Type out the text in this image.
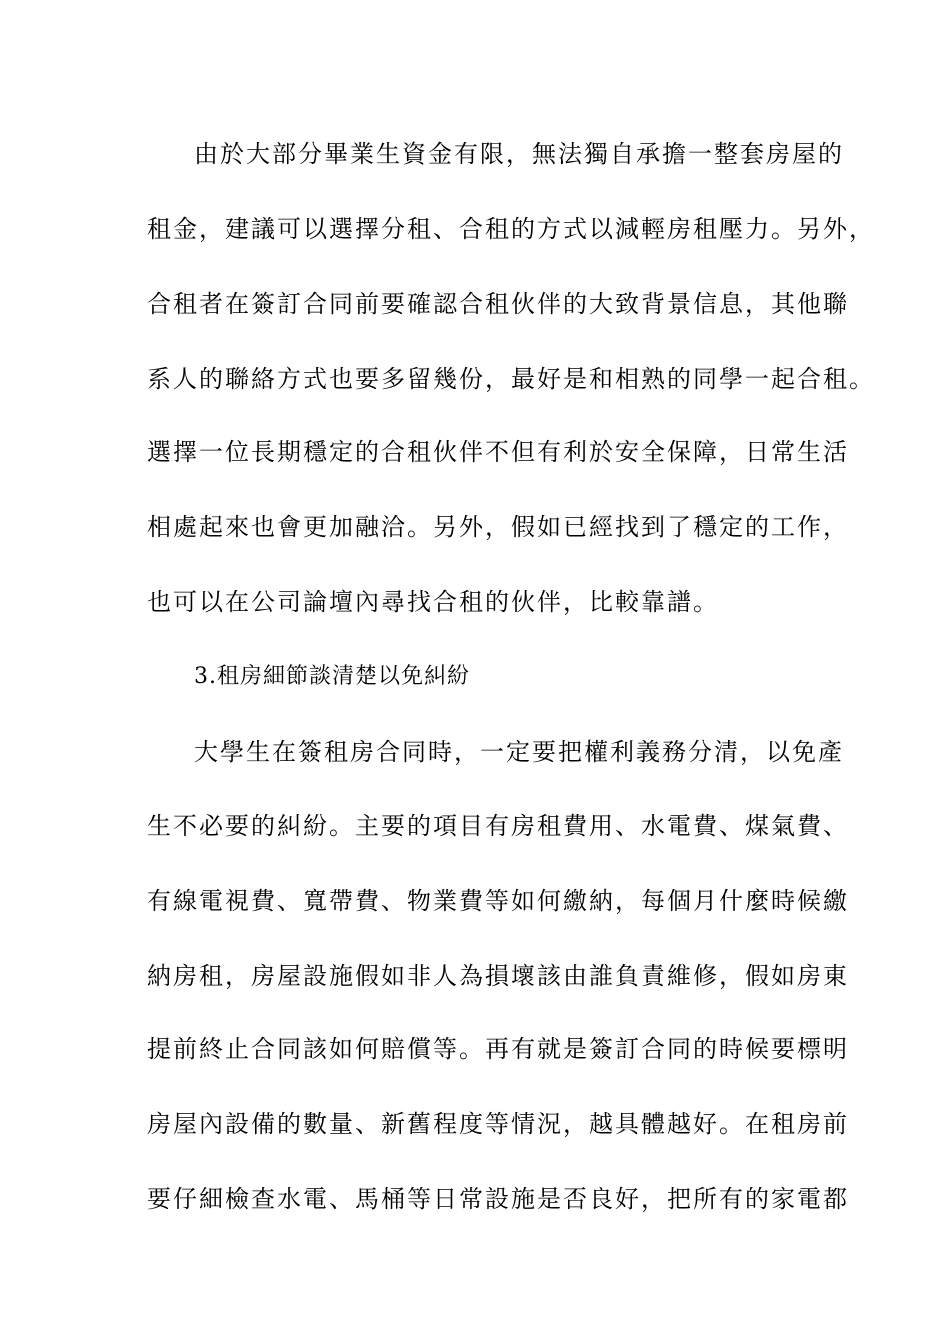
由於大部分畢業生資金有限，無法獨自承擔一整套房屋的
租金，建議可以選擇分租、合租的方式以減輕房租壓力。另外，
合租者在簽訂合同前要確認合租伙伴的大致背景信息，其他聯
系人的聯絡方式也要多留幾份，最好是和相熟的同學一起合租。
選擇一位長期穩定的合租伙伴不但有利於安全保障，日常生活
相處起來也會更加融洽。另外，假如已經找到了穩定的工作，
也可以在公司論壇內尋找合租的伙伴，比較靠譜。
3.租房細節談清楚以免糾紛
大學生在簽租房合同時，一定要把權利義務分清，以免產
生不必要的糾紛。主要的項目有房租費用、水電費、煤氣費、
有線電視費、寬帶費、物業費等如何繳納，每個月什麼時候繳
納房租，房屋設施假如非人為損壞該由誰負責維修，假如房東
提前終止合同該如何賠償等。再有就是簽訂合同的時候要標明
房屋內設備的數量、新舊程度等情況，越具體越好。在租房前
要仔細檢查水電、馬桶等日常設施是否良好，把所有的家電都
